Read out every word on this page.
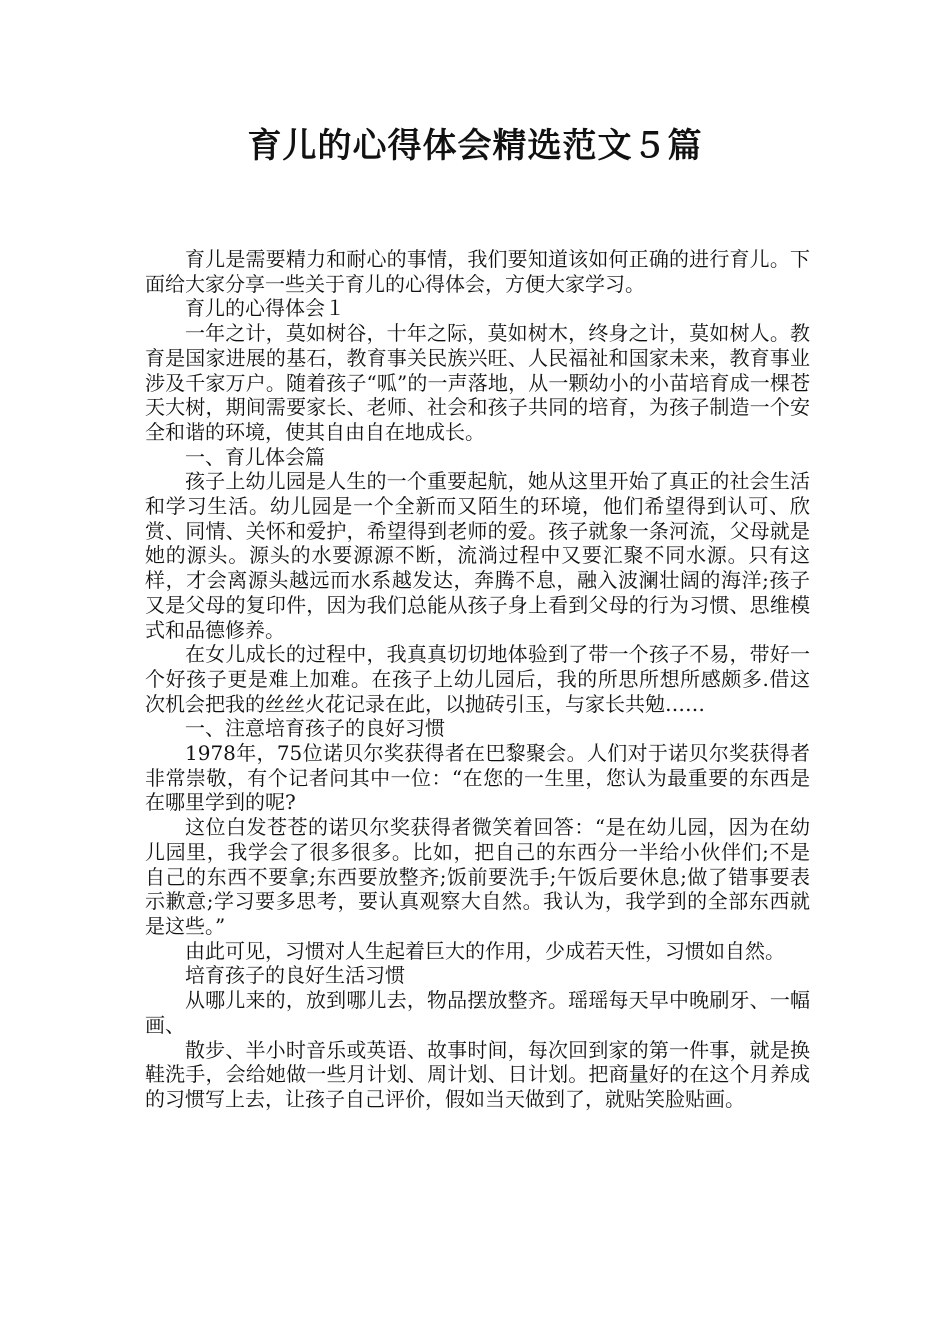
育儿的心得体会精选范文５篇

育儿是需要精力和耐心的事情，我们要知道该如何正确的进行育儿。下面给大家分享一些关于育儿的心得体会，方便大家学习。

育儿的心得体会１

一年之计，莫如树谷，十年之际，莫如树木，终身之计，莫如树人。教育是国家进展的基石，教育事关民族兴旺、人民福祉和国家未来，教育事业涉及千家万户。随着孩子“呱”的一声落地，从一颗幼小的小苗培育成一棵苍天大树，期间需要家长、老师、社会和孩子共同的培育，为孩子制造一个安全和谐的环境，使其自由自在地成长。

一、育儿体会篇

孩子上幼儿园是人生的一个重要起航，她从这里开始了真正的社会生活和学习生活。幼儿园是一个全新而又陌生的环境，他们希望得到认可、欣赏、同情、关怀和爱护，希望得到老师的爱。孩子就象一条河流，父母就是她的源头。源头的水要源源不断，流淌过程中又要汇聚不同水源。只有这样，才会离源头越远而水系越发达，奔腾不息，融入波澜壮阔的海洋;孩子又是父母的复印件，因为我们总能从孩子身上看到父母的行为习惯、思维模式和品德修养。

在女儿成长的过程中，我真真切切地体验到了带一个孩子不易，带好一个好孩子更是难上加难。在孩子上幼儿园后，我的所思所想所感颇多.借这次机会把我的丝丝火花记录在此，以抛砖引玉，与家长共勉……

一、注意培育孩子的良好习惯

1978年，75位诺贝尔奖获得者在巴黎聚会。人们对于诺贝尔奖获得者非常崇敬，有个记者问其中一位：“在您的一生里，您认为最重要的东西是在哪里学到的呢?

这位白发苍苍的诺贝尔奖获得者微笑着回答：“是在幼儿园，因为在幼儿园里，我学会了很多很多。比如，把自己的东西分一半给小伙伴们;不是自己的东西不要拿;东西要放整齐;饭前要洗手;午饭后要休息;做了错事要表示歉意;学习要多思考，要认真观察大自然。我认为，我学到的全部东西就是这些。”

由此可见，习惯对人生起着巨大的作用，少成若天性，习惯如自然。

培育孩子的良好生活习惯

从哪儿来的，放到哪儿去，物品摆放整齐。瑶瑶每天早中晚刷牙、一幅画、

散步、半小时音乐或英语、故事时间，每次回到家的第一件事，就是换鞋洗手，会给她做一些月计划、周计划、日计划。把商量好的在这个月养成的习惯写上去，让孩子自己评价，假如当天做到了，就贴笑脸贴画。
